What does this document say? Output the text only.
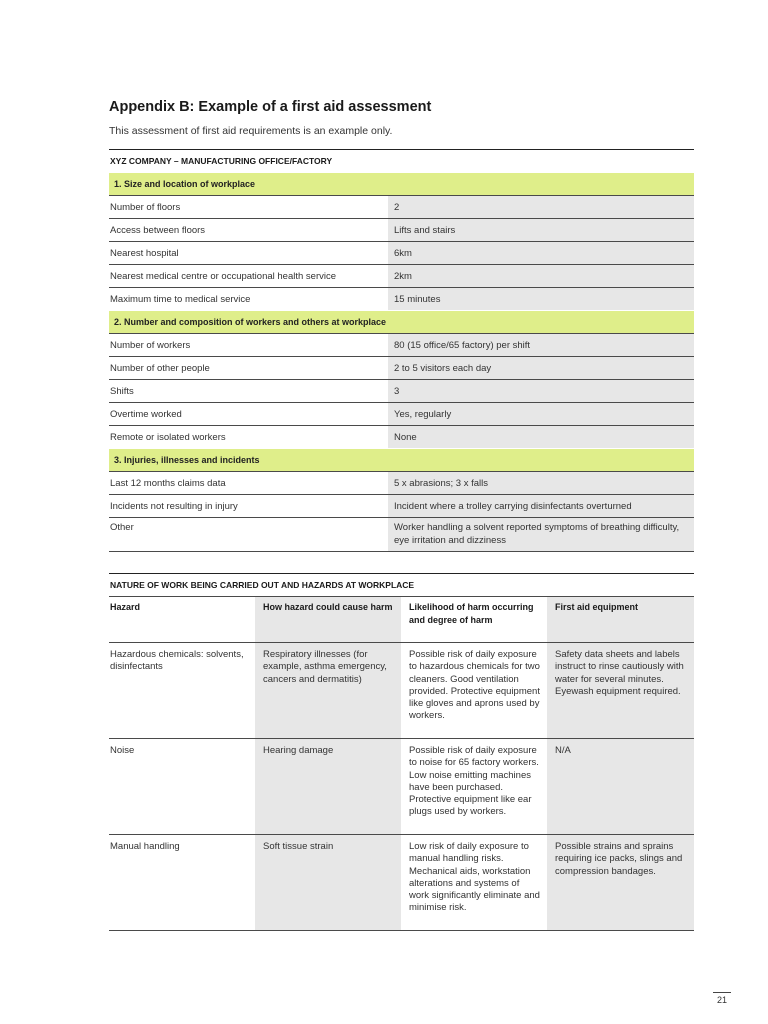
Appendix B: Example of a first aid assessment

This assessment of first aid requirements is an example only.

XYZ COMPANY – MANUFACTURING OFFICE/FACTORY	
1. Size and location of workplace	
Number of floors	2
Access between floors	Lifts and stairs
Nearest hospital	6km
Nearest medical centre or occupational health service	2km
Maximum time to medical service	15 minutes
2. Number and composition of workers and others at workplace	
Number of workers	80 (15 office/65 factory) per shift
Number of other people	2 to 5 visitors each day
Shifts	3
Overtime worked	Yes, regularly
Remote or isolated workers	None
3. Injuries, illnesses and incidents	
Last 12 months claims data	5 x abrasions; 3 x falls
Incidents not resulting in injury	Incident where a trolley carrying disinfectants overturned
Other	Worker handling a solvent reported symptoms of breathing difficulty, eye irritation and dizziness
NATURE OF WORK BEING CARRIED OUT AND HAZARDS AT WORKPLACE			
Hazard	How hazard could cause harm	Likelihood of harm occurring and degree of harm	First aid equipment
Hazardous chemicals: solvents, disinfectants	Respiratory illnesses (for example, asthma emergency, cancers and dermatitis)	Possible risk of daily exposure to hazardous chemicals for two cleaners. Good ventilation provided. Protective equipment like gloves and aprons used by workers.	Safety data sheets and labels instruct to rinse cautiously with water for several minutes. Eyewash equipment required.
Noise	Hearing damage	Possible risk of daily exposure to noise for 65 factory workers. Low noise emitting machines have been purchased. Protective equipment like ear plugs used by workers.	N/A
Manual handling	Soft tissue strain	Low risk of daily exposure to manual handling risks. Mechanical aids, workstation alterations and systems of work significantly eliminate and minimise risk.	Possible strains and sprains requiring ice packs, slings and compression bandages.
21
